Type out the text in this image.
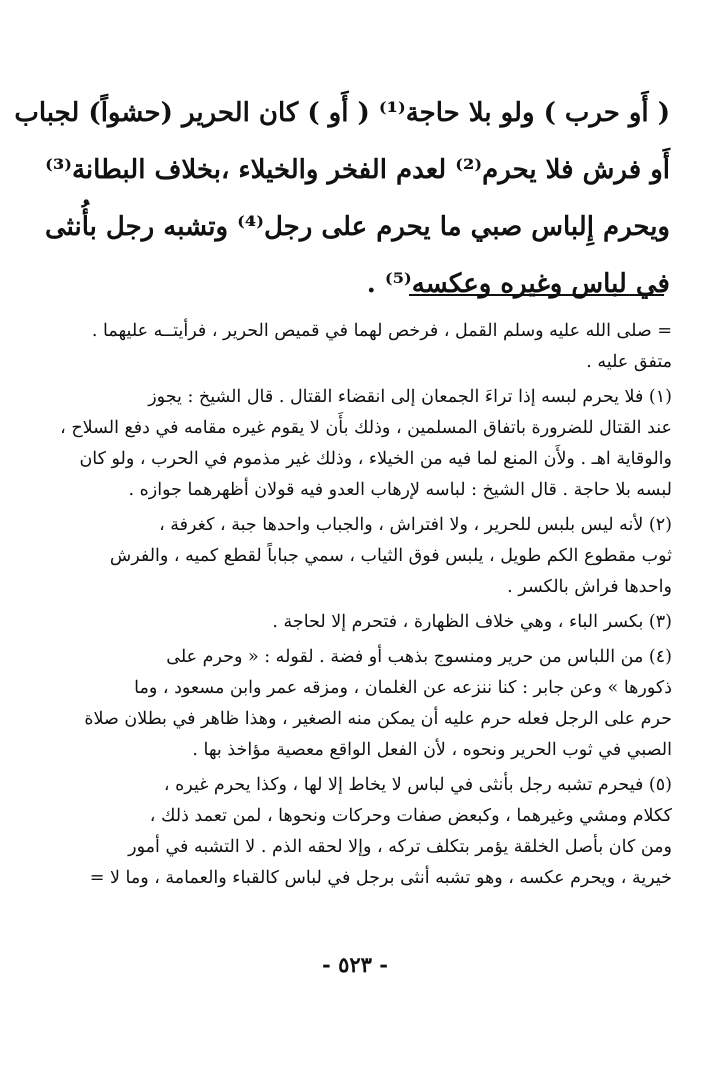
( أَو حرب ) ولو بلا حاجة⁽¹⁾ ( أَو ) كان الحرير (حشواً) لجباب
أَو فرش فلا يحرم⁽²⁾ لعدم الفخر والخيلاء ،بخلاف البطانة⁽³⁾
ويحرم إِلباس صبي ما يحرم على رجل⁽⁴⁾ وتشبه رجل بأُنثى
في لباس وغيره وعكسه⁽⁵⁾ .
= صلى الله عليه وسلم القمل ، فرخص لهما في قميص الحرير ، فرأيتــه عليهما .
متفق عليه .
(١) فلا يحرم لبسه إذا تراءَ الجمعان إلى انقضاء القتال . قال الشيخ : يجوز
عند القتال للضرورة باتفاق المسلمين ، وذلك بأَن لا يقوم غيره مقامه في دفع السلاح ،
والوقاية اهـ . ولأَن المنع لما فيه من الخيلاء ، وذلك غير مذموم في الحرب ، ولو كان
لبسه بلا حاجة . قال الشيخ : لباسه لإرهاب العدو فيه قولان أظهرهما جوازه .
(٢) لأنه ليس بلبس للحرير ، ولا افتراش ، والجباب واحدها جبة ، كغرفة ،
ثوب مقطوع الكم طويل ، يلبس فوق الثياب ، سمي جباباً لقطع كميه ، والفرش
واحدها فراش بالكسر .
(٣) بكسر الباء ، وهي خلاف الظهارة ، فتحرم إلا لحاجة .
(٤) من اللباس من حرير ومنسوج بذهب أو فضة . لقوله : « وحرم على
ذكورها » وعن جابر : كنا ننزعه عن الغلمان ، ومزقه عمر وابن مسعود ، وما
حرم على الرجل فعله حرم عليه أن يمكن منه الصغير ، وهذا ظاهر في بطلان صلاة
الصبي في ثوب الحرير ونحوه ، لأن الفعل الواقع معصية مؤاخذ بها .
(٥) فيحرم تشبه رجل بأنثى في لباس لا يخاط إلا لها ، وكذا يحرم غيره ،
ككلام ومشي وغيرهما ، وكبعض صفات وحركات ونحوها ، لمن تعمد ذلك ،
ومن كان بأصل الخلقة يؤمر بتكلف تركه ، وإلا لحقه الذم . لا التشبه في أمور
خيرية ، ويحرم عكسه ، وهو تشبه أنثى برجل في لباس كالقباء والعمامة ، وما لا =
- ٥٢٣ -
